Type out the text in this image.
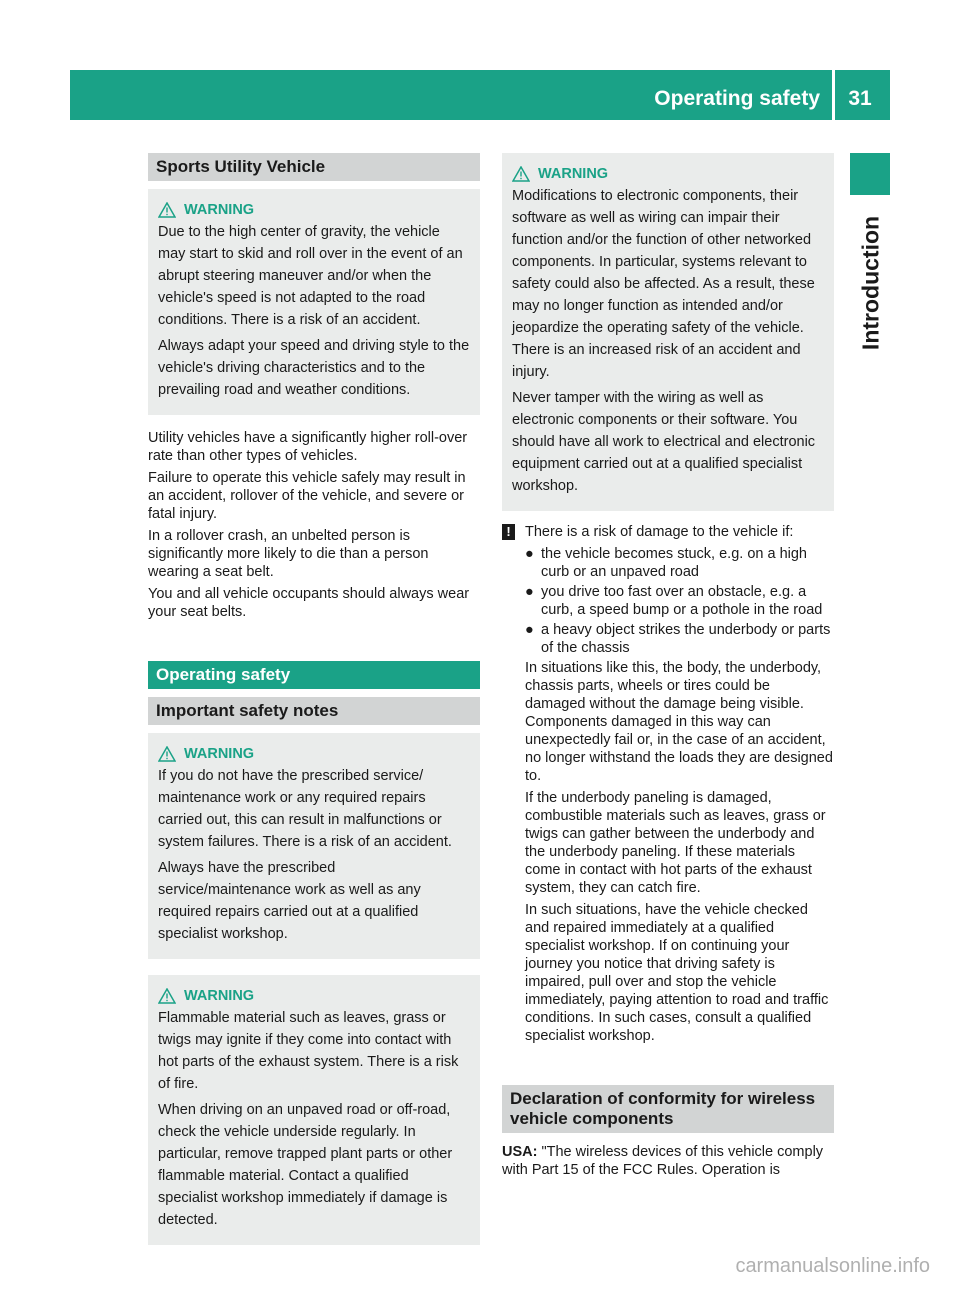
Operating safety	31
Introduction
Sports Utility Vehicle
WARNING

Due to the high center of gravity, the vehicle may start to skid and roll over in the event of an abrupt steering maneuver and/or when the vehicle's speed is not adapted to the road conditions. There is a risk of an accident.

Always adapt your speed and driving style to the vehicle's driving characteristics and to the prevailing road and weather conditions.

Utility vehicles have a significantly higher roll-over rate than other types of vehicles.

Failure to operate this vehicle safely may result in an accident, rollover of the vehicle, and severe or fatal injury.

In a rollover crash, an unbelted person is significantly more likely to die than a person wearing a seat belt.

You and all vehicle occupants should always wear your seat belts.

Operating safety
Important safety notes
WARNING

If you do not have the prescribed service/ maintenance work or any required repairs carried out, this can result in malfunctions or system failures. There is a risk of an accident.

Always have the prescribed service/maintenance work as well as any required repairs carried out at a qualified specialist workshop.

WARNING

Flammable material such as leaves, grass or twigs may ignite if they come into contact with hot parts of the exhaust system. There is a risk of fire.

When driving on an unpaved road or off-road, check the vehicle underside regularly. In particular, remove trapped plant parts or other flammable material. Contact a qualified specialist workshop immediately if damage is detected.

WARNING

Modifications to electronic components, their software as well as wiring can impair their function and/or the function of other networked components. In particular, systems relevant to safety could also be affected. As a result, these may no longer function as intended and/or jeopardize the operating safety of the vehicle. There is an increased risk of an accident and injury.

Never tamper with the wiring as well as electronic components or their software. You should have all work to electrical and electronic equipment carried out at a qualified specialist workshop.

! There is a risk of damage to the vehicle if:

● the vehicle becomes stuck, e.g. on a high curb or an unpaved road
● you drive too fast over an obstacle, e.g. a curb, a speed bump or a pothole in the road
● a heavy object strikes the underbody or parts of the chassis

In situations like this, the body, the underbody, chassis parts, wheels or tires could be damaged without the damage being visible. Components damaged in this way can unexpectedly fail or, in the case of an accident, no longer withstand the loads they are designed to.

If the underbody paneling is damaged, combustible materials such as leaves, grass or twigs can gather between the underbody and the underbody paneling. If these materials come in contact with hot parts of the exhaust system, they can catch fire.

In such situations, have the vehicle checked and repaired immediately at a qualified specialist workshop. If on continuing your journey you notice that driving safety is impaired, pull over and stop the vehicle immediately, paying attention to road and traffic conditions. In such cases, consult a qualified specialist workshop.

Declaration of conformity for wireless vehicle components

USA: "The wireless devices of this vehicle comply with Part 15 of the FCC Rules. Operation is

carmanualsonline.info
